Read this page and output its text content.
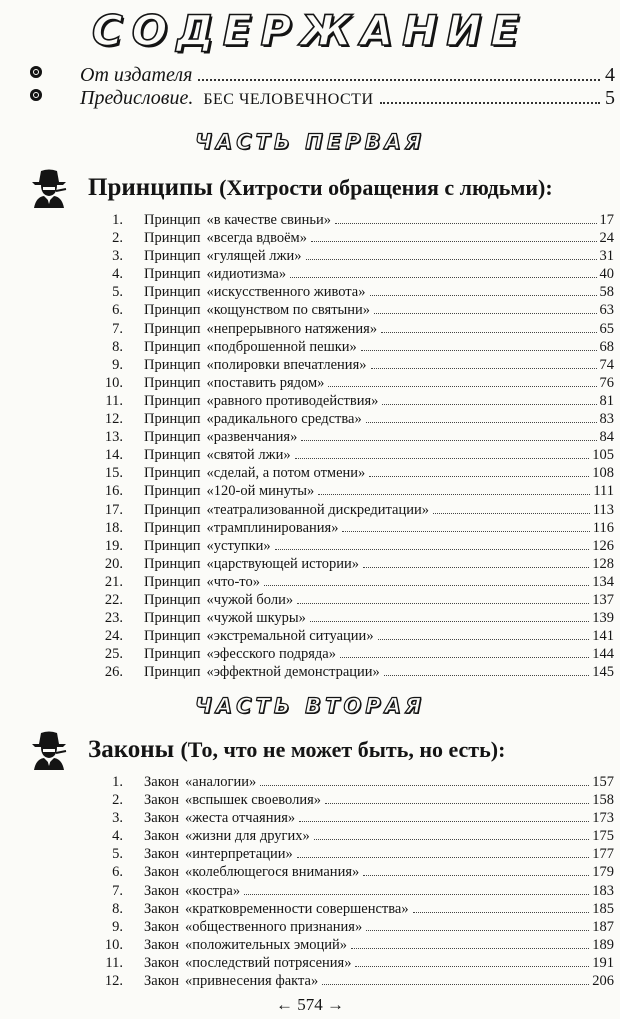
СОДЕРЖАНИЕ
От издателя	4
Предисловие. БЕС ЧЕЛОВЕЧНОСТИ	5
ЧАСТЬ ПЕРВАЯ
Принципы (Хитрости обращения с людьми):
1. Принцип «в качестве свиньи»	17
2. Принцип «всегда вдвоём»	24
3. Принцип «гулящей лжи»	31
4. Принцип «идиотизма»	40
5. Принцип «искусственного живота»	58
6. Принцип «кощунством по святыни»	63
7. Принцип «непрерывного натяжения»	65
8. Принцип «подброшенной пешки»	68
9. Принцип «полировки впечатления»	74
10. Принцип «поставить рядом»	76
11. Принцип «равного противодействия»	81
12. Принцип «радикального средства»	83
13. Принцип «развенчания»	84
14. Принцип «святой лжи»	105
15. Принцип «сделай, а потом отмени»	108
16. Принцип «120-ой минуты»	111
17. Принцип «театрализованной дискредитации»	113
18. Принцип «трамплинирования»	116
19. Принцип «уступки»	126
20. Принцип «царствующей истории»	128
21. Принцип «что-то»	134
22. Принцип «чужой боли»	137
23. Принцип «чужой шкуры»	139
24. Принцип «экстремальной ситуации»	141
25. Принцип «эфесского подряда»	144
26. Принцип «эффектной демонстрации»	145
ЧАСТЬ ВТОРАЯ
Законы (То, что не может быть, но есть):
1. Закон «аналогии»	157
2. Закон «вспышек своеволия»	158
3. Закон «жеста отчаяния»	173
4. Закон «жизни для других»	175
5. Закон «интерпретации»	177
6. Закон «колеблющегося внимания»	179
7. Закон «костра»	183
8. Закон «кратковременности совершенства»	185
9. Закон «общественного признания»	187
10. Закон «положительных эмоций»	189
11. Закон «последствий потрясения»	191
12. Закон «привнесения факта»	206
← 574 →
